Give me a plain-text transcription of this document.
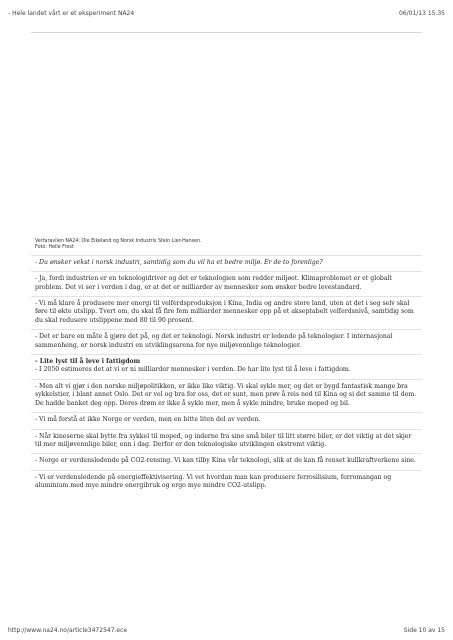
- Hele landet vårt er et eksperiment NA24	06/01/13 15.35

Verfaravlien NA24: Ole Eikeland og Norsk Industris Stein Lier-Hansen.
Foto: Helle Frost

- Du ønsker vekst i norsk industri, samtidig som du vil ha et bedre miljø. Er de to forenlige?

- Ja, fordi industrien er en teknologidriver og det er teknologien som redder miljøet. Klimaproblemet er et globalt problem. Det vi ser i verden i dag, er at det er milliarder av mennesker som ønsker bedre levestandard.

- Vi må klare å produsere mer energi til velferdsproduksjon i Kina, India og andre store land, uten at det i seg selv skal føre til økte utslipp. Tvert om, du skal få fire fem milliarder mennesker opp på et akseptabelt velferdsnivå, samtidig som du skal redusere utslippene med 80 til 90 prosent.

- Det er bare en måte å gjøre det på, og det er teknologi. Norsk industri er ledende på teknologier. I internasjonal sammenheng, er norsk industri en utviklingsarena for nye miljøvennlige teknologier.

- Lite lyst til å leve i fattigdom

- I 2050 estimeres det at vi er ni milliarder mennesker i verden. De har lite lyst til å leve i fattigdom.

- Men alt vi gjør i den norske miljøpolitikken, er ikke like viktig. Vi skal sykle mer, og det er bygd fantastisk mange bra sykkelstier, i blant annet Oslo. Det er vel og bra for oss, det er sunt, men prøv å reis ned til Kina og si det samme til dem. De hadde banket deg opp. Deres drøm er ikke å sykle mer, men å sykle mindre, bruke moped og bil.

- Vi må forstå at ikke Norge er verden, men en bitte liten del av verden.

- Når kineserne skal bytte fra sykkel til moped, og inderne fra sine små biler til litt større biler, er det viktig at det skjer til mer miljøvennlige biler, enn i dag. Derfor er den teknologiske utviklingen ekstremt viktig.

- Norge er verdensledende på CO2-rensing. Vi kan tilby Kina vår teknologi, slik at de kan få renset kullkraftverkene sine.

- Vi er verdensledende på energieffektivisering. Vi vet hvordan man kan produsere ferrosilisium, ferromangan og aluminium med mye mindre energibruk og ergo mye mindre CO2-utslipp.

http://www.na24.no/article3472547.ece	Side 10 av 15
